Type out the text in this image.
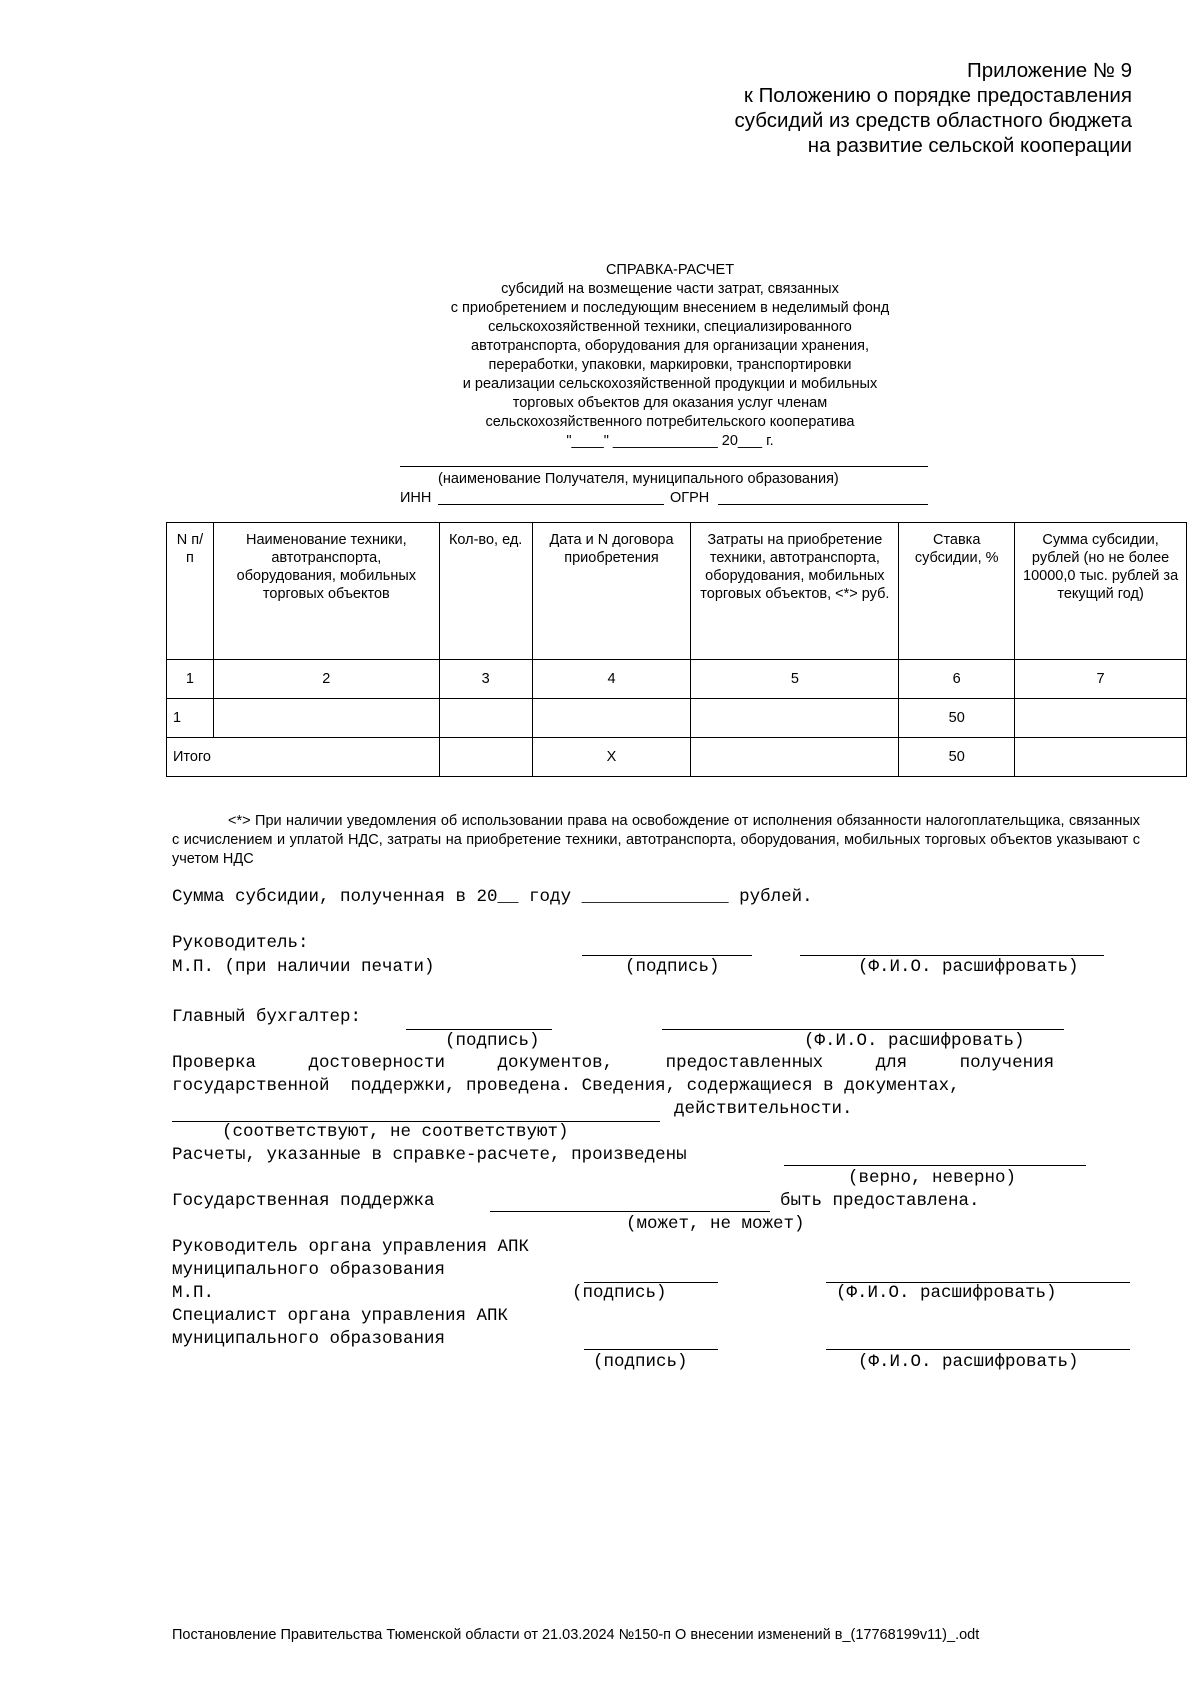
Приложение № 9
к Положению о порядке предоставления
субсидий из средств областного бюджета
на развитие сельской кооперации
СПРАВКА-РАСЧЕТ
субсидий на возмещение части затрат, связанных
с приобретением и последующим внесением в неделимый фонд
сельскохозяйственной техники, специализированного
автотранспорта, оборудования для организации хранения,
переработки, упаковки, маркировки, транспортировки
и реализации сельскохозяйственной продукции и мобильных
торговых объектов для оказания услуг членам
сельскохозяйственного потребительского кооператива
"____" _____________ 20___ г.
(наименование Получателя, муниципального образования)
ИНН	ОГРН
N п/п	Наименование техники, автотранспорта, оборудования, мобильных торговых объектов	Кол-во, ед.	Дата и N договора приобретения	Затраты на приобретение техники, автотранспорта, оборудования, мобильных торговых объектов, <*> руб.	Ставка субсидии, %	Сумма субсидии, рублей (но не более 10000,0 тыс. рублей за текущий год)
1	2	3	4	5	6	7
1					50	
Итого			Х		50	
<*> При наличии уведомления об использовании права на освобождение от исполнения обязанности налогоплательщика, связанных с исчислением и уплатой НДС, затраты на приобретение техники, автотранспорта, оборудования, мобильных торговых объектов указывают с учетом НДС
Сумма субсидии, полученная в 20__ году ______________ рублей.
Руководитель:
М.П. (при наличии печати)	(подпись)	(Ф.И.О. расшифровать)
Главный бухгалтер:
(подпись)	(Ф.И.О. расшифровать)
Проверка     достоверности     документов,     предоставленных     для     получения
государственной  поддержки, проведена. Сведения, содержащиеся в документах,
действительности.
(соответствуют, не соответствуют)
Расчеты, указанные в справке-расчете, произведены
(верно, неверно)
Государственная поддержка	быть предоставлена.
(может, не может)
Руководитель органа управления АПК
муниципального образования
М.П.	(подпись)	(Ф.И.О. расшифровать)
Специалист органа управления АПК
муниципального образования
(подпись)	(Ф.И.О. расшифровать)
Постановление Правительства Тюменской области от 21.03.2024 №150-п О внесении изменений в_(17768199v11)_.odt
